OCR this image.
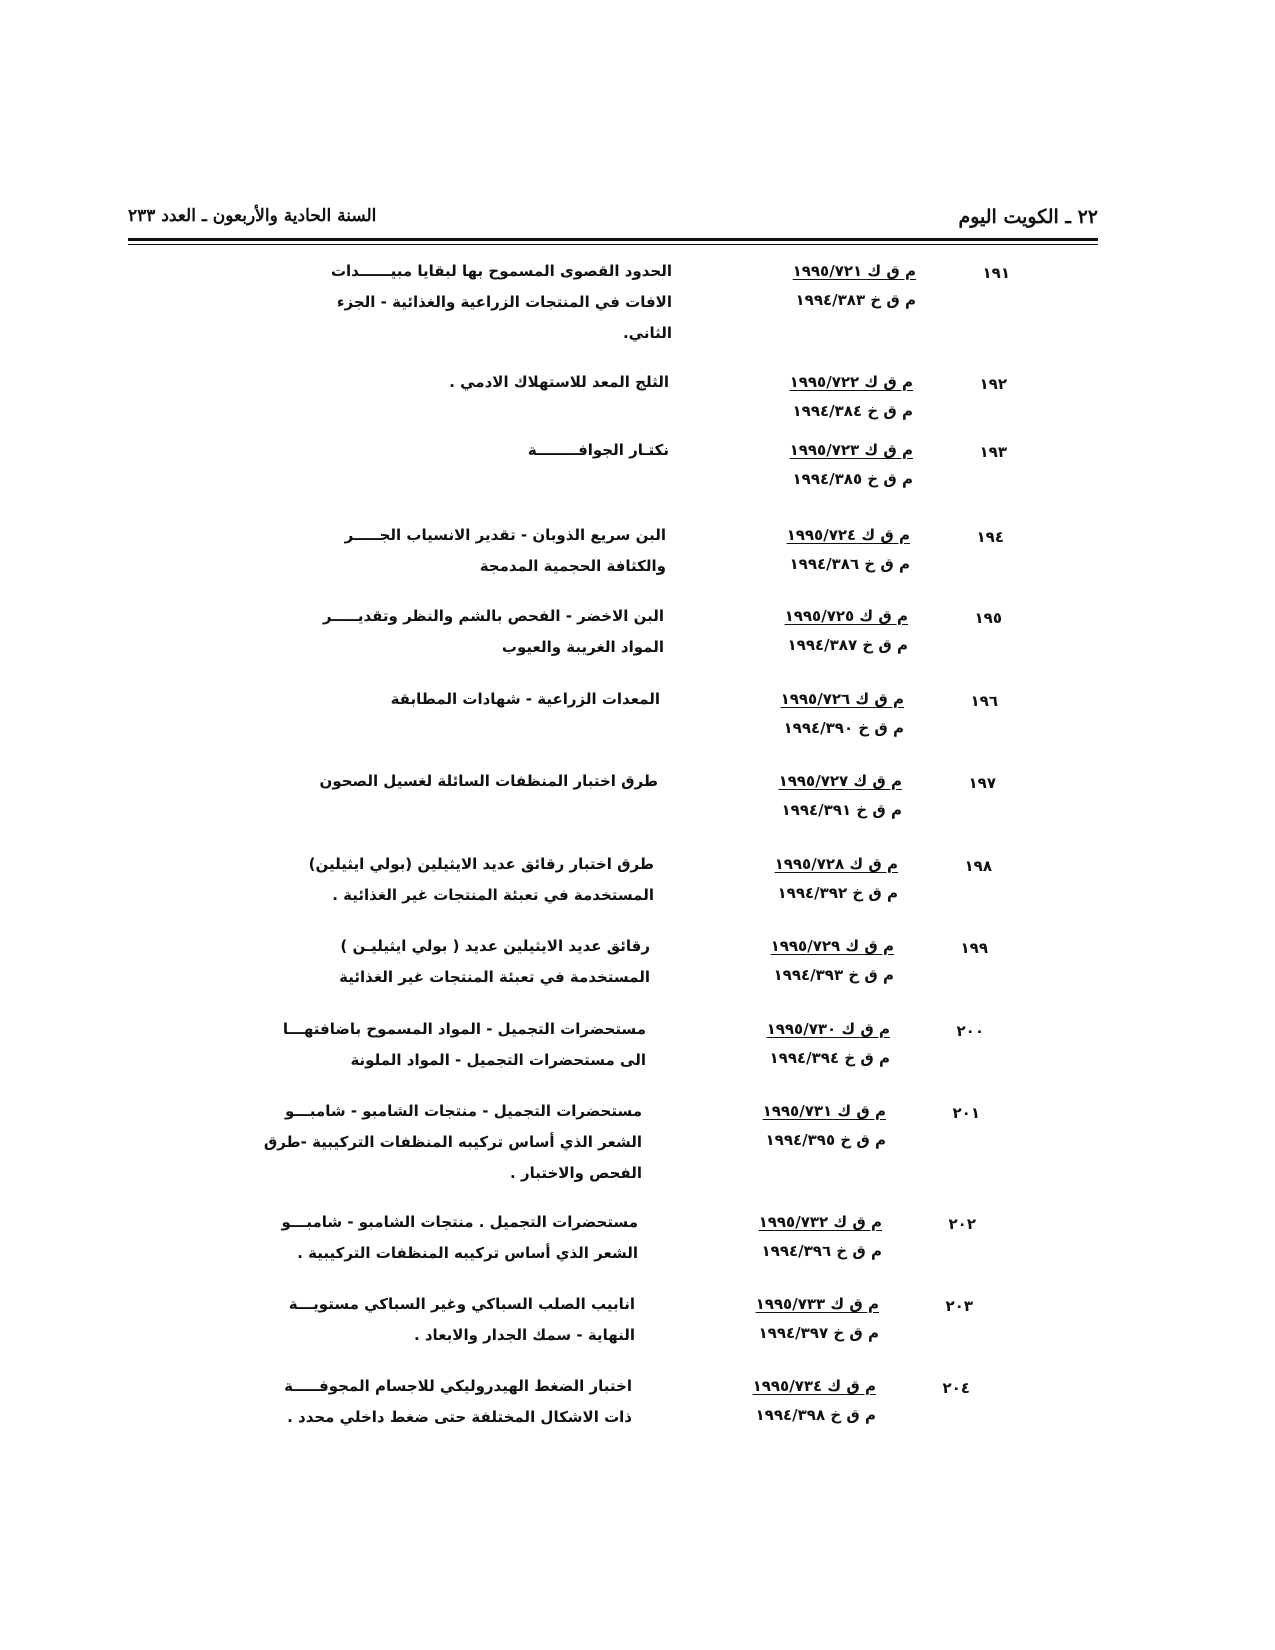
٢٢ ـ الكويت اليوم
السنة الحادية والأربعون ـ العدد ٢٣٣
١٩١
م ق ك ١٩٩٥/٧٢١
م ق خ ١٩٩٤/٣٨٣
الحدود القصوى المسموح بها لبقايا مبيــــــدات
الافات في المنتجات الزراعية والغذائية - الجزء
الثاني.
١٩٢
م ق ك ١٩٩٥/٧٢٢
م ق خ ١٩٩٤/٣٨٤
الثلج المعد للاستهلاك الادمي .
١٩٣
م ق ك ١٩٩٥/٧٢٣
م ق خ ١٩٩٤/٣٨٥
نكتـار الجوافــــــــة
١٩٤
م ق ك ١٩٩٥/٧٢٤
م ق خ ١٩٩٤/٣٨٦
البن سريع الذوبان - تقدير الانسياب الجـــــر
والكثافة الحجمية المدمجة
١٩٥
م ق ك ١٩٩٥/٧٢٥
م ق خ ١٩٩٤/٣٨٧
البن الاخضر - الفحص بالشم والنظر وتقديـــــر
المواد الغريبة والعيوب
١٩٦
م ق ك ١٩٩٥/٧٢٦
م ق خ ١٩٩٤/٣٩٠
المعدات الزراعية - شهادات المطابقة
١٩٧
م ق ك ١٩٩٥/٧٢٧
م ق خ ١٩٩٤/٣٩١
طرق اختبار المنظفات السائلة لغسيل الصحون
١٩٨
م ق ك ١٩٩٥/٧٢٨
م ق خ ١٩٩٤/٣٩٢
طرق اختبار رقائق عديد الايثيلين (بولي ايثيلين)
المستخدمة في تعبئة المنتجات غير الغذائية .
١٩٩
م ق ك ١٩٩٥/٧٢٩
م ق خ ١٩٩٤/٣٩٣
رقائق عديد الايثيلين عديد ( بولي ايثيليـن )
المستخدمة في تعبئة المنتجات غير الغذائية
٢٠٠
م ق ك ١٩٩٥/٧٣٠
م ق خ ١٩٩٤/٣٩٤
مستحضرات التجميل - المواد المسموح باضافتهـــا
الى مستحضرات التجميل - المواد الملونة
٢٠١
م ق ك ١٩٩٥/٧٣١
م ق خ ١٩٩٤/٣٩٥
مستحضرات التجميل - منتجات الشامبو - شامبـــو
الشعر الذي أساس تركيبه المنظفات التركيبية -طرق
الفحص والاختبار .
٢٠٢
م ق ك ١٩٩٥/٧٣٢
م ق خ ١٩٩٤/٣٩٦
مستحضرات التجميل . منتجات الشامبو - شامبـــو
الشعر الذي أساس تركيبه المنظفات التركيبية .
٢٠٣
م ق ك ١٩٩٥/٧٣٣
م ق خ ١٩٩٤/٣٩٧
انابيب الصلب السباكي وغير السباكي مستويـــة
النهاية - سمك الجدار والابعاد .
٢٠٤
م ق ك ١٩٩٥/٧٣٤
م ق خ ١٩٩٤/٣٩٨
اختبار الضغط الهيدروليكي للاجسام المجوفـــــة
ذات الاشكال المختلفة حتى ضغط داخلي محدد .
